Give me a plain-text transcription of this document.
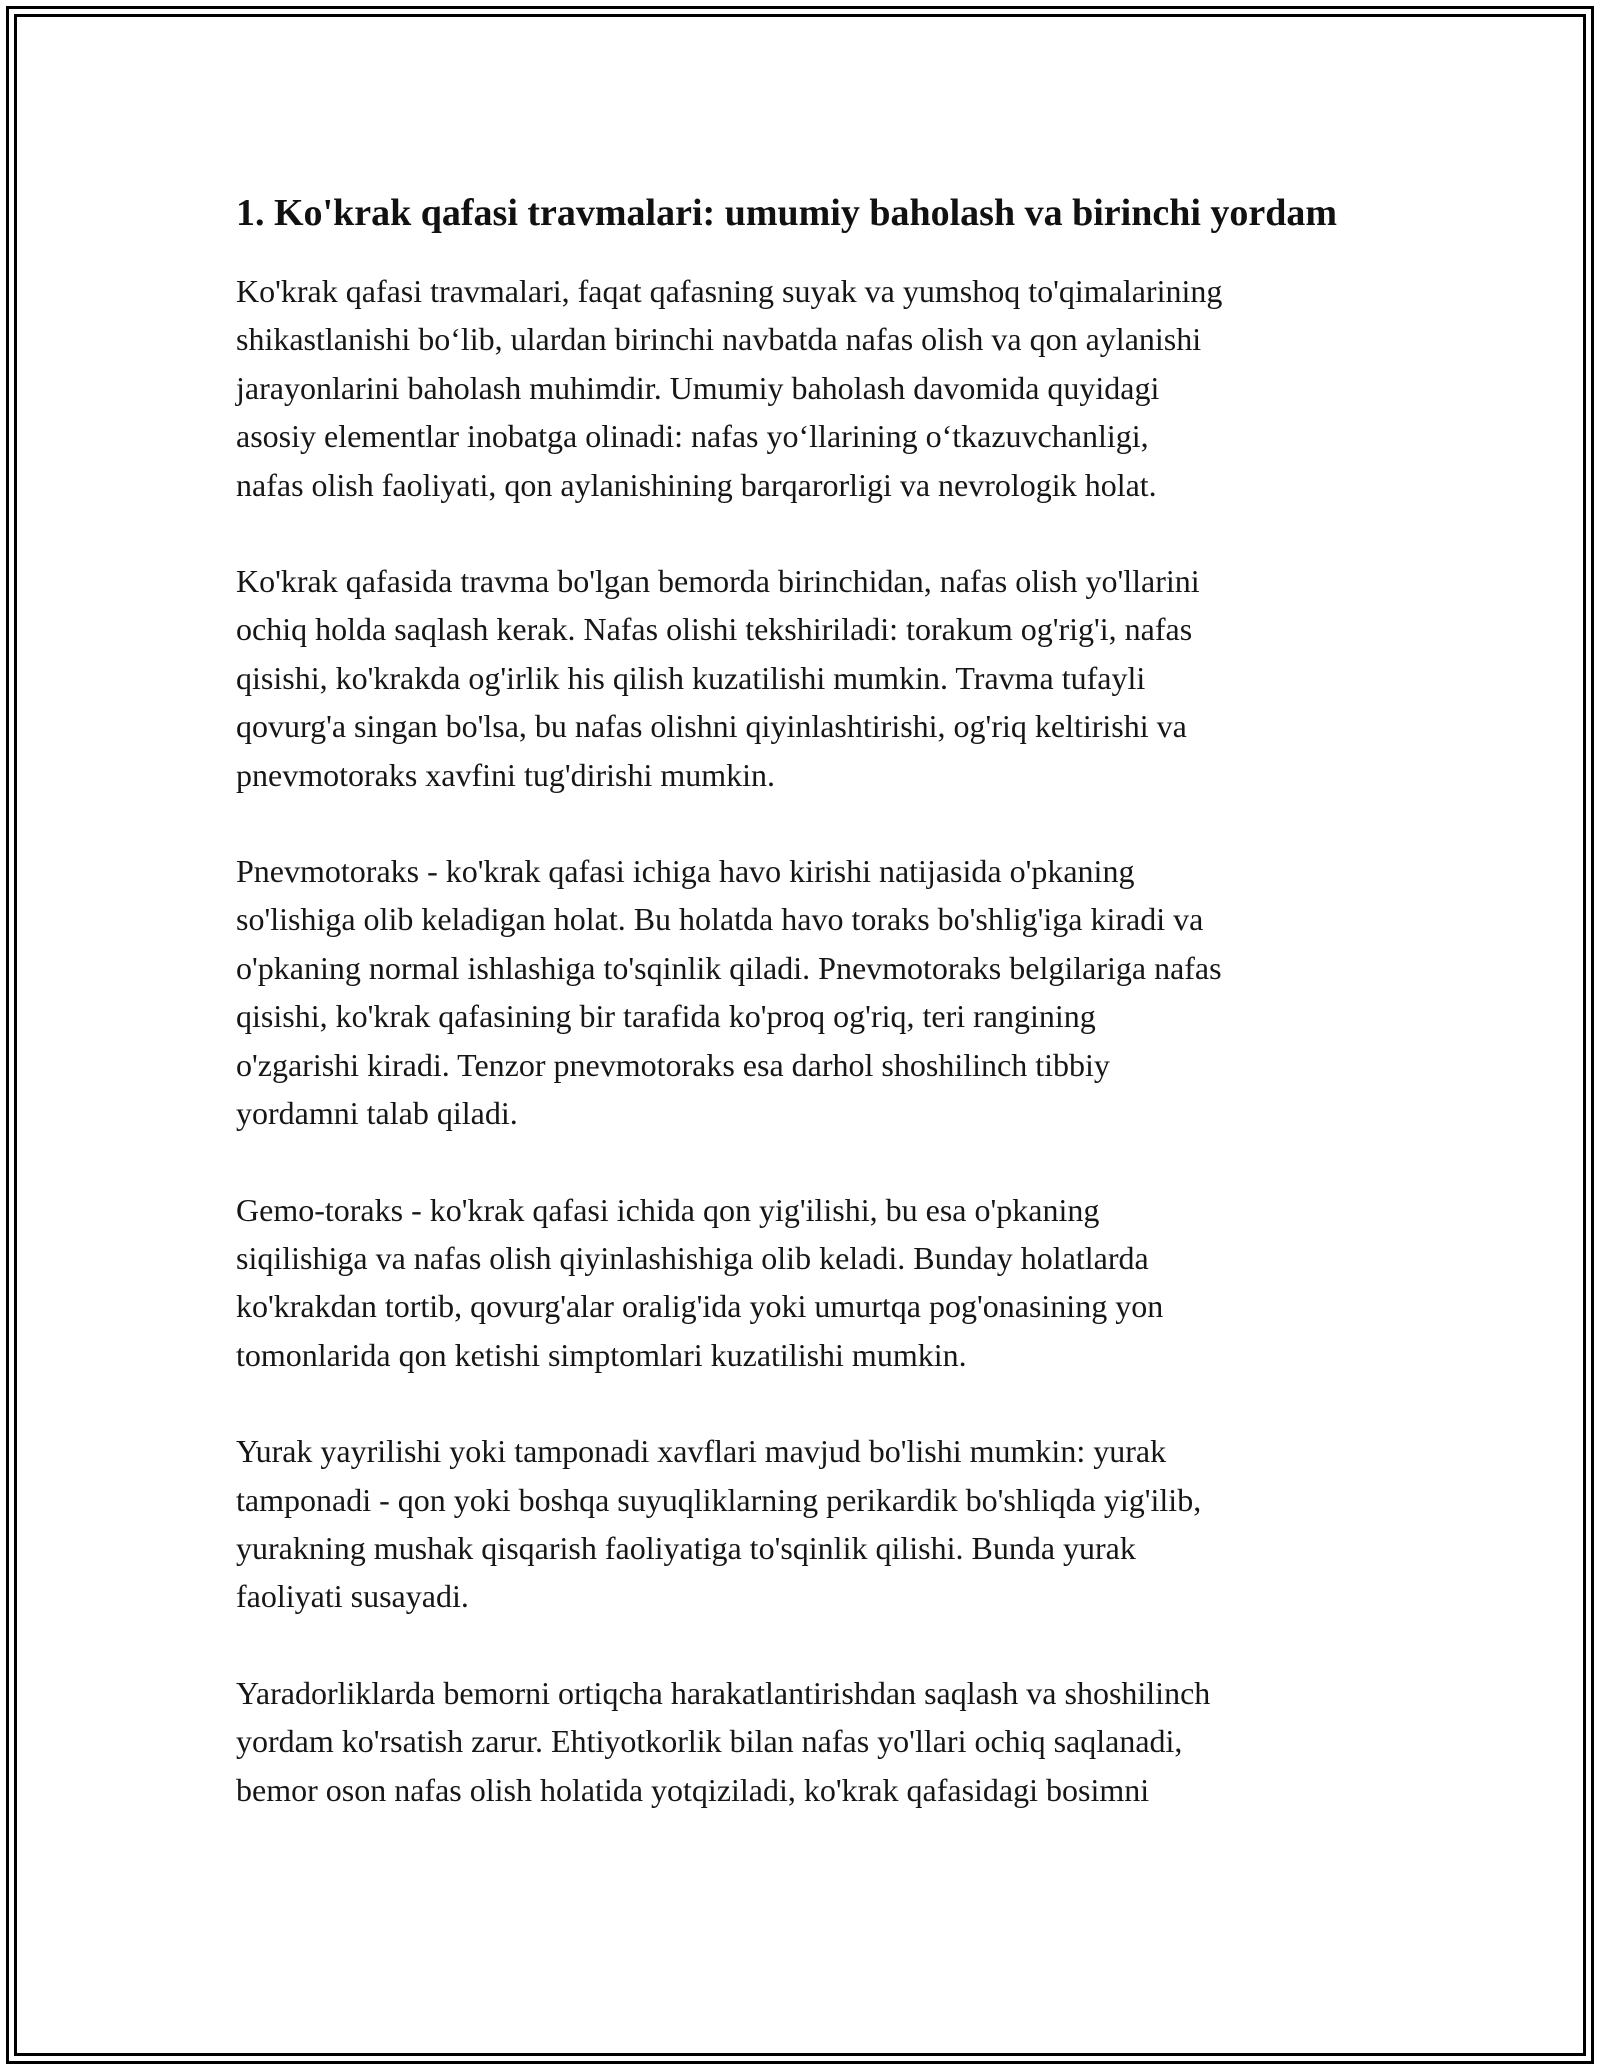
1. Ko'krak qafasi travmalari: umumiy baholash va birinchi yordam

Ko'krak qafasi travmalari, faqat qafasning suyak va yumshoq to'qimalarining
shikastlanishi bo‘lib, ulardan birinchi navbatda nafas olish va qon aylanishi
jarayonlarini baholash muhimdir. Umumiy baholash davomida quyidagi
asosiy elementlar inobatga olinadi: nafas yo‘llarining o‘tkazuvchanligi,
nafas olish faoliyati, qon aylanishining barqarorligi va nevrologik holat.

Ko'krak qafasida travma bo'lgan bemorda birinchidan, nafas olish yo'llarini
ochiq holda saqlash kerak. Nafas olishi tekshiriladi: torakum og'rig'i, nafas
qisishi, ko'krakda og'irlik his qilish kuzatilishi mumkin. Travma tufayli
qovurg'a singan bo'lsa, bu nafas olishni qiyinlashtirishi, og'riq keltirishi va
pnevmotoraks xavfini tug'dirishi mumkin.

Pnevmotoraks - ko'krak qafasi ichiga havo kirishi natijasida o'pkaning
so'lishiga olib keladigan holat. Bu holatda havo toraks bo'shlig'iga kiradi va
o'pkaning normal ishlashiga to'sqinlik qiladi. Pnevmotoraks belgilariga nafas
qisishi, ko'krak qafasining bir tarafida ko'proq og'riq, teri rangining
o'zgarishi kiradi. Tenzor pnevmotoraks esa darhol shoshilinch tibbiy
yordamni talab qiladi.

Gemo-toraks - ko'krak qafasi ichida qon yig'ilishi, bu esa o'pkaning
siqilishiga va nafas olish qiyinlashishiga olib keladi. Bunday holatlarda
ko'krakdan tortib, qovurg'alar oralig'ida yoki umurtqa pog'onasining yon
tomonlarida qon ketishi simptomlari kuzatilishi mumkin.

Yurak yayrilishi yoki tamponadi xavflari mavjud bo'lishi mumkin: yurak
tamponadi - qon yoki boshqa suyuqliklarning perikardik bo'shliqda yig'ilib,
yurakning mushak qisqarish faoliyatiga to'sqinlik qilishi. Bunda yurak
faoliyati susayadi.

Yaradorliklarda bemorni ortiqcha harakatlantirishdan saqlash va shoshilinch
yordam ko'rsatish zarur. Ehtiyotkorlik bilan nafas yo'llari ochiq saqlanadi,
bemor oson nafas olish holatida yotqiziladi, ko'krak qafasidagi bosimni
